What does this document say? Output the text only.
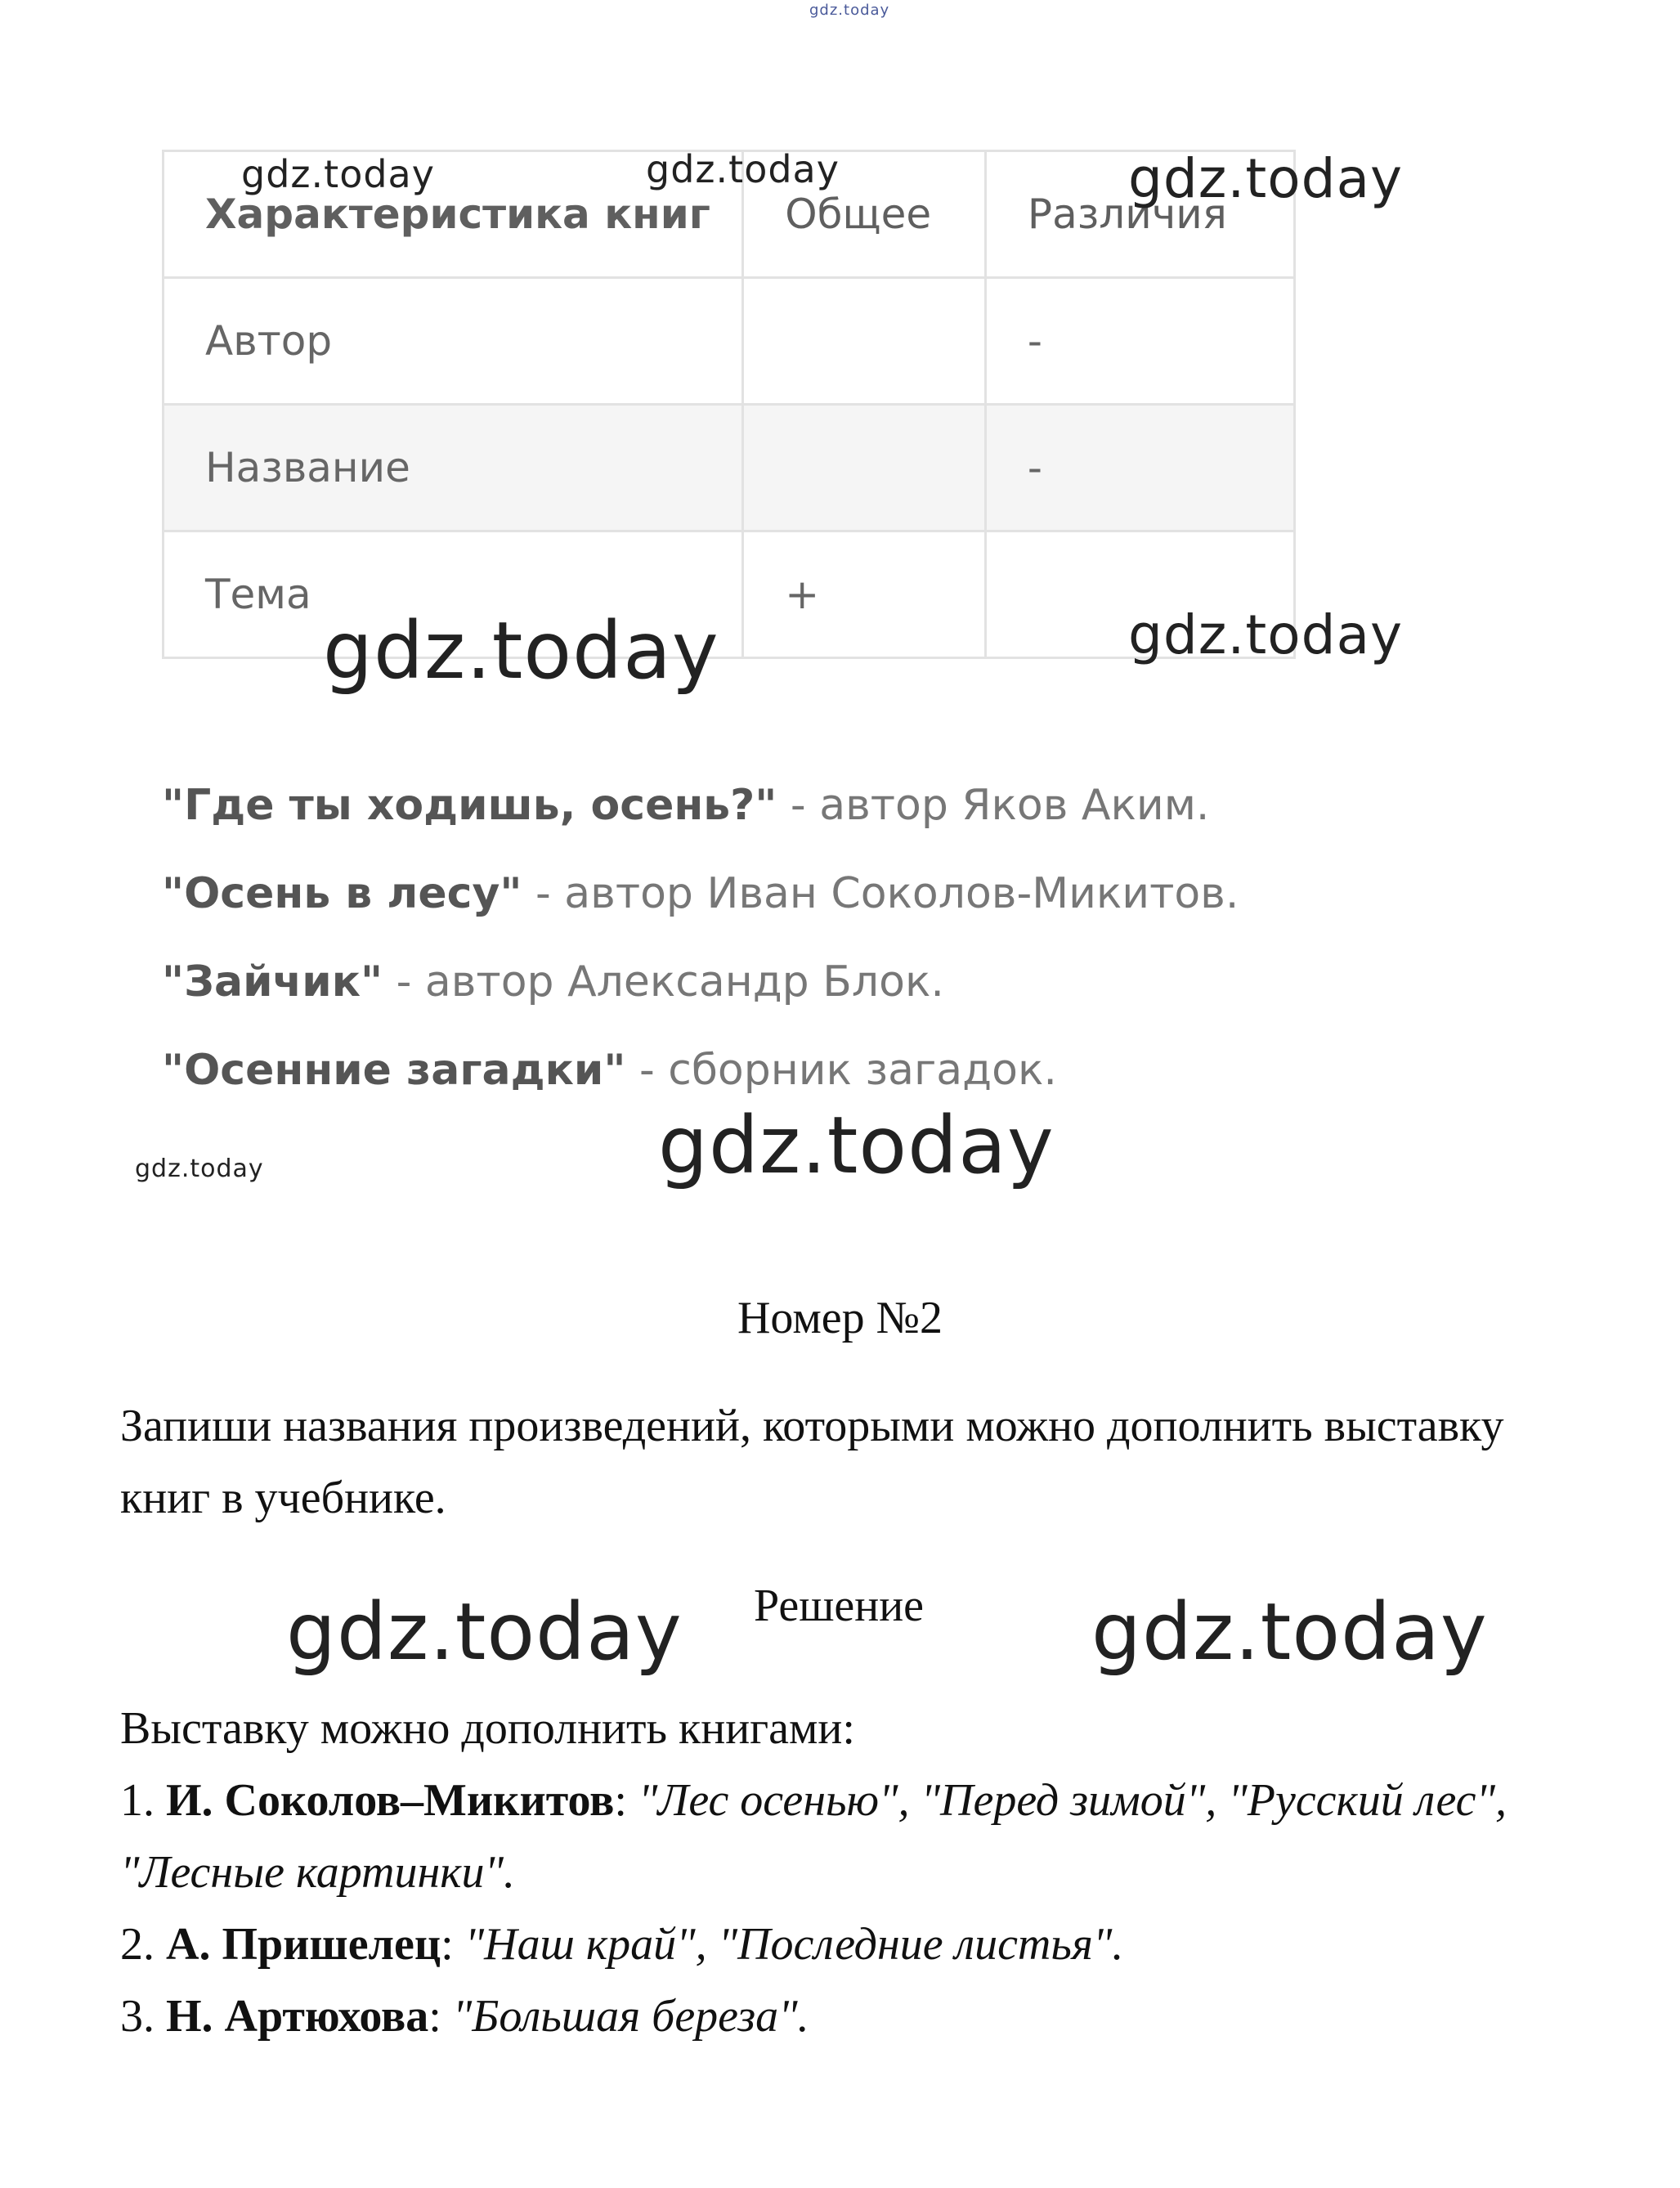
gdz.today
Характеристика книг	Общее	Различия
Автор		-
Название		-
Тема	+	
"Где ты ходишь, осень?" - автор Яков Аким.
"Осень в лесу" - автор Иван Соколов-Микитов.
"Зайчик" - автор Александр Блок.
"Осенние загадки" - сборник загадок.
Номер №2
Запиши названия произведений, которыми можно дополнить выставку книг в учебнике.
Решение
Выставку можно дополнить книгами:
1. И. Соколов–Микитов: "Лес осенью", "Перед зимой", "Русский лес", "Лесные картинки".
2. А. Пришелец: "Наш край", "Последние листья".
3. Н. Артюхова: "Большая береза".
gdz.today	gdz.today	gdz.today
gdz.today
gdz.today
gdz.today
gdz.today
gdz.today	gdz.today
